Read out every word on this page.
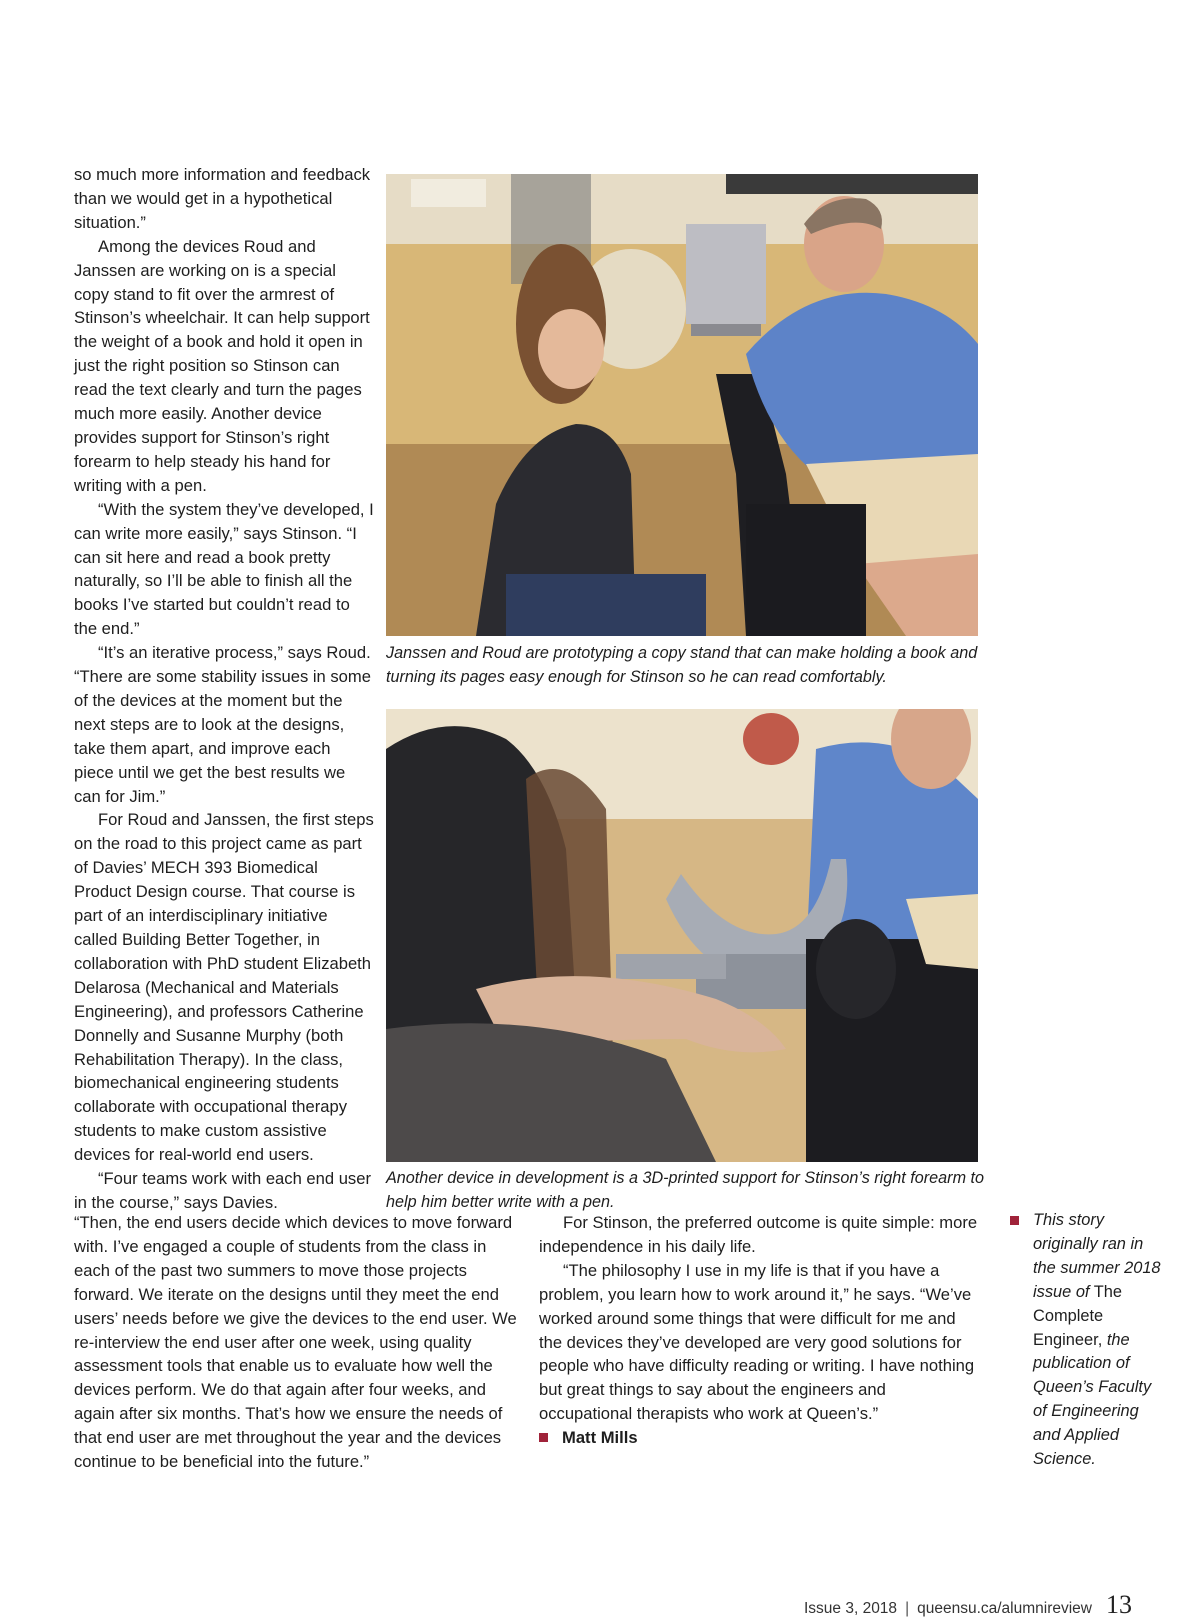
so much more information and feedback than we would get in a hypothetical situation.”

Among the devices Roud and Janssen are working on is a special copy stand to fit over the armrest of Stinson’s wheelchair. It can help support the weight of a book and hold it open in just the right position so Stinson can read the text clearly and turn the pages much more easily. Another device provides support for Stinson’s right forearm to help steady his hand for writing with a pen.

“With the system they’ve developed, I can write more easily,” says Stinson. “I can sit here and read a book pretty naturally, so I’ll be able to finish all the books I’ve started but couldn’t read to the end.”

“It’s an iterative process,” says Roud. “There are some stability issues in some of the devices at the moment but the next steps are to look at the designs, take them apart, and improve each piece until we get the best results we can for Jim.”

For Roud and Janssen, the first steps on the road to this project came as part of Davies’ MECH 393 Biomedical Product Design course. That course is part of an interdisciplinary initiative called Building Better Together, in collaboration with PhD student Elizabeth Delarosa (Mechanical and Materials Engineering), and professors Catherine Donnelly and Susanne Murphy (both Rehabilitation Therapy). In the class, biomechanical engineering students collaborate with occupational therapy students to make custom assistive devices for real-world end users.

“Four teams work with each end user in the course,” says Davies.

Janssen and Roud are prototyping a copy stand that can make holding a book and turning its pages easy enough for Stinson so he can read comfortably.
Another device in development is a 3D-printed support for Stinson’s right forearm to help him better write with a pen.

“Then, the end users decide which devices to move forward with. I’ve engaged a couple of students from the class in each of the past two summers to move those projects forward. We iterate on the designs until they meet the end users’ needs before we give the devices to the end user. We re-interview the end user after one week, using quality assessment tools that enable us to evaluate how well the devices perform. We do that again after four weeks, and again after six months. That’s how we ensure the needs of that end user are met throughout the year and the devices continue to be beneficial into the future.”

For Stinson, the preferred outcome is quite simple: more independence in his daily life.

“The philosophy I use in my life is that if you have a problem, you learn how to work around it,” he says. “We’ve worked around some things that were difficult for me and the devices they’ve developed are very good solutions for people who have difficulty reading or writing. I have nothing but great things to say about the engineers and occupational therapists who work at Queen’s.”

Matt Mills

This story originally ran in the summer 2018 issue of The Complete Engineer, the publication of Queen’s Faculty of Engineering and Applied Science.
Issue 3, 2018 | queensu.ca/alumnireview 13
